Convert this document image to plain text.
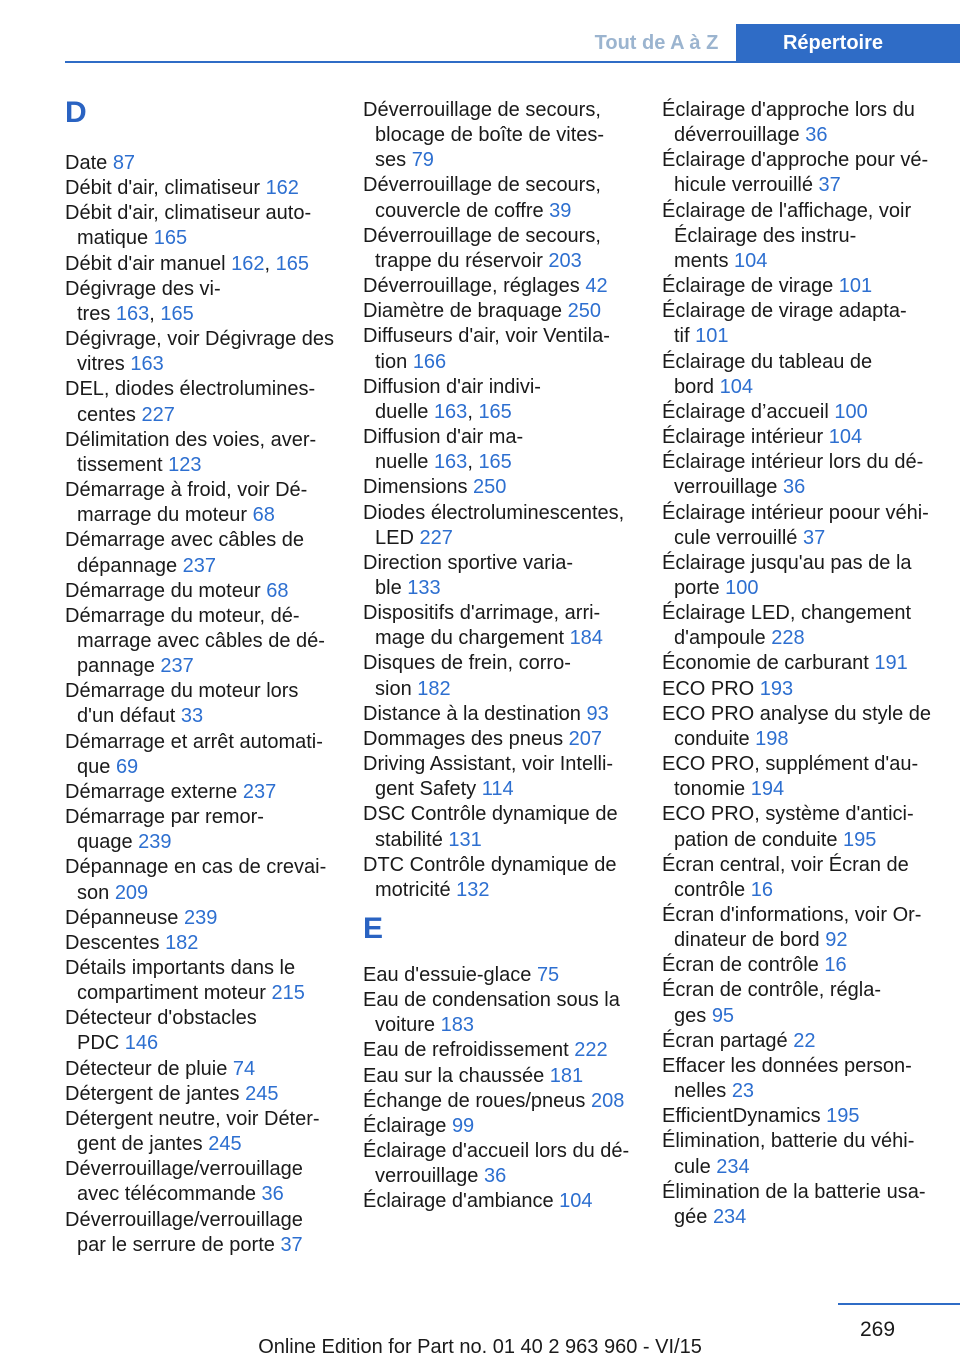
Tout de A à Z	Répertoire
D
Date 87
Débit d'air, climatiseur 162
Débit d'air, climatiseur auto‐
matique 165
Débit d'air manuel 162, 165
Dégivrage des vi‐
tres 163, 165
Dégivrage, voir Dégivrage des
vitres 163
DEL, diodes électrolumines‐
centes 227
Délimitation des voies, aver‐
tissement 123
Démarrage à froid, voir Dé‐
marrage du moteur 68
Démarrage avec câbles de
dépannage 237
Démarrage du moteur 68
Démarrage du moteur, dé‐
marrage avec câbles de dé‐
pannage 237
Démarrage du moteur lors
d'un défaut 33
Démarrage et arrêt automati‐
que 69
Démarrage externe 237
Démarrage par remor‐
quage 239
Dépannage en cas de crevai‐
son 209
Dépanneuse 239
Descentes 182
Détails importants dans le
compartiment moteur 215
Détecteur d'obstacles
PDC 146
Détecteur de pluie 74
Détergent de jantes 245
Détergent neutre, voir Déter‐
gent de jantes 245
Déverrouillage/verrouillage
avec télécommande 36
Déverrouillage/verrouillage
par le serrure de porte 37
Déverrouillage de secours,
blocage de boîte de vites‐
ses 79
Déverrouillage de secours,
couvercle de coffre 39
Déverrouillage de secours,
trappe du réservoir 203
Déverrouillage, réglages 42
Diamètre de braquage 250
Diffuseurs d'air, voir Ventila‐
tion 166
Diffusion d'air indivi‐
duelle 163, 165
Diffusion d'air ma‐
nuelle 163, 165
Dimensions 250
Diodes électroluminescentes,
LED 227
Direction sportive varia‐
ble 133
Dispositifs d'arrimage, arri‐
mage du chargement 184
Disques de frein, corro‐
sion 182
Distance à la destination 93
Dommages des pneus 207
Driving Assistant, voir Intelli‐
gent Safety 114
DSC Contrôle dynamique de
stabilité 131
DTC Contrôle dynamique de
motricité 132
E
Eau d'essuie-glace 75
Eau de condensation sous la
voiture 183
Eau de refroidissement 222
Eau sur la chaussée 181
Échange de roues/pneus 208
Éclairage 99
Éclairage d'accueil lors du dé‐
verrouillage 36
Éclairage d'ambiance 104
Éclairage d'approche lors du
déverrouillage 36
Éclairage d'approche pour vé‐
hicule verrouillé 37
Éclairage de l'affichage, voir
Éclairage des instru‐
ments 104
Éclairage de virage 101
Éclairage de virage adapta‐
tif 101
Éclairage du tableau de
bord 104
Éclairage d’accueil 100
Éclairage intérieur 104
Éclairage intérieur lors du dé‐
verrouillage 36
Éclairage intérieur poour véhi‐
cule verrouillé 37
Éclairage jusqu'au pas de la
porte 100
Éclairage LED, changement
d'ampoule 228
Économie de carburant 191
ECO PRO 193
ECO PRO analyse du style de
conduite 198
ECO PRO, supplément d'au‐
tonomie 194
ECO PRO, système d'antici‐
pation de conduite 195
Écran central, voir Écran de
contrôle 16
Écran d'informations, voir Or‐
dinateur de bord 92
Écran de contrôle 16
Écran de contrôle, régla‐
ges 95
Écran partagé 22
Effacer les données person‐
nelles 23
EfficientDynamics 195
Élimination, batterie du véhi‐
cule 234
Élimination de la batterie usa‐
gée 234
269
Online Edition for Part no. 01 40 2 963 960 - VI/15
